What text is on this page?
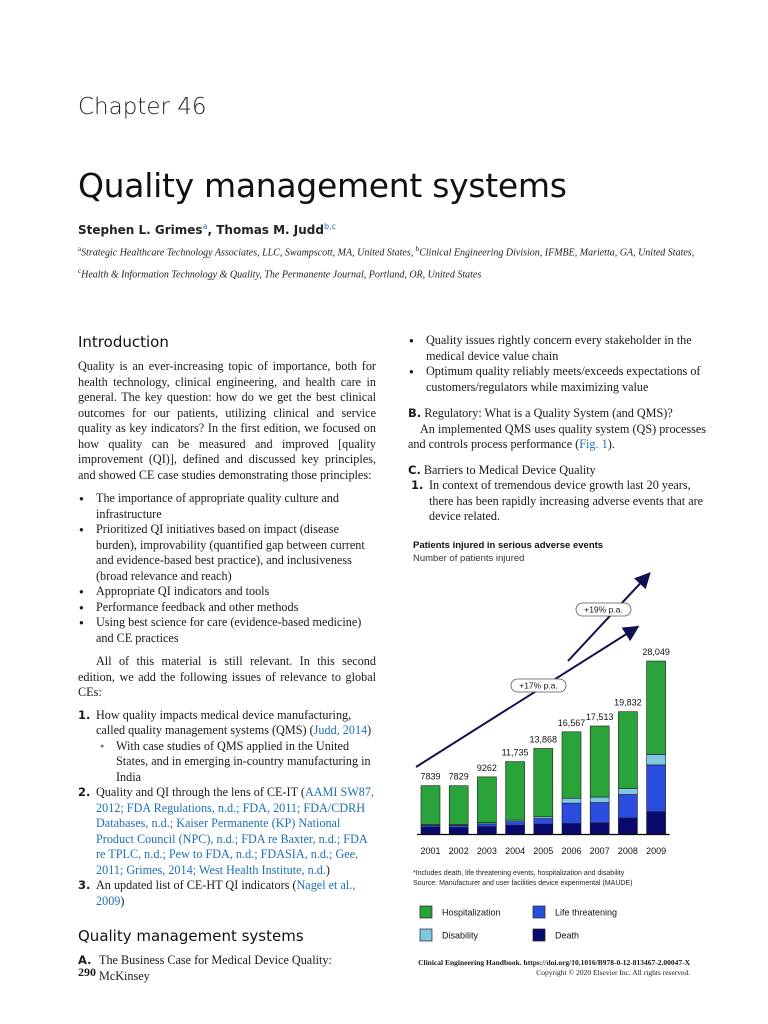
Chapter 46
Quality management systems
Stephen L. Grimes$^a$, Thomas M. Judd$^{b,c}$
$^a$Strategic Healthcare Technology Associates, LLC, Swampscott, MA, United States, $^b$Clinical Engineering Division, IFMBE, Marietta, GA, United States, $^c$Health & Information Technology & Quality, The Permanente Journal, Portland, OR, United States
Introduction
Quality is an ever-increasing topic of importance, both for health technology, clinical engineering, and health care in general. The key question: how do we get the best clinical outcomes for our patients, utilizing clinical and service quality as key indicators? In the first edition, we focused on how quality can be measured and improved [quality improvement (QI)], defined and discussed key principles, and showed CE case studies demonstrating those principles:
● The importance of appropriate quality culture and infrastructure
● Prioritized QI initiatives based on impact (disease burden), improvability (quantified gap between current and evidence-based best practice), and inclusiveness (broad relevance and reach)
● Appropriate QI indicators and tools
● Performance feedback and other methods
● Using best science for care (evidence-based medicine) and CE practices
All of this material is still relevant. In this second edition, we add the following issues of relevance to global CEs:
1. How quality impacts medical device manufacturing, called quality management systems (QMS) (Judd, 2014)
● With case studies of QMS applied in the United States, and in emerging in-country manufacturing in India
2. Quality and QI through the lens of CE-IT (AAMI SW87, 2012; FDA Regulations, n.d.; FDA, 2011; FDA/CDRH Databases, n.d.; Kaiser Permanente (KP) National Product Council (NPC), n.d.; FDA re Baxter, n.d.; FDA re TPLC, n.d.; Pew to FDA, n.d.; FDASIA, n.d.; Gee, 2011; Grimes, 2014; West Health Institute, n.d.)
3. An updated list of CE-HT QI indicators (Nagel et al., 2009)
Quality management systems
A. The Business Case for Medical Device Quality: McKinsey
● Quality issues rightly concern every stakeholder in the medical device value chain
● Optimum quality reliably meets/exceeds expectations of customers/regulators while maximizing value
B. Regulatory: What is a Quality System (and QMS)?
An implemented QMS uses quality system (QS) processes and controls process performance (Fig. 1).
C. Barriers to Medical Device Quality
1. In context of tremendous device growth last 20 years, there has been rapidly increasing adverse events that are device related.
Patients injured in serious adverse events
Number of patients injured
2001 2002 2003 2004 2005 2006 2007 2008 2009
7839 7829
9262
11,735
13,868
16,567
17,513
19,832
28,049
+17% p.a.
+19% p.a.
*Includes death, life threatening events, hospitalization and disability
Source: Manufacturer and user facilities device experimental (MAUDE)
Hospitalization	Life threatening
Disability	Death
290
Clinical Engineering Handbook. https://doi.org/10.1016/B978-0-12-813467-2.00047-X
Copyright © 2020 Elsevier Inc. All rights reserved.
